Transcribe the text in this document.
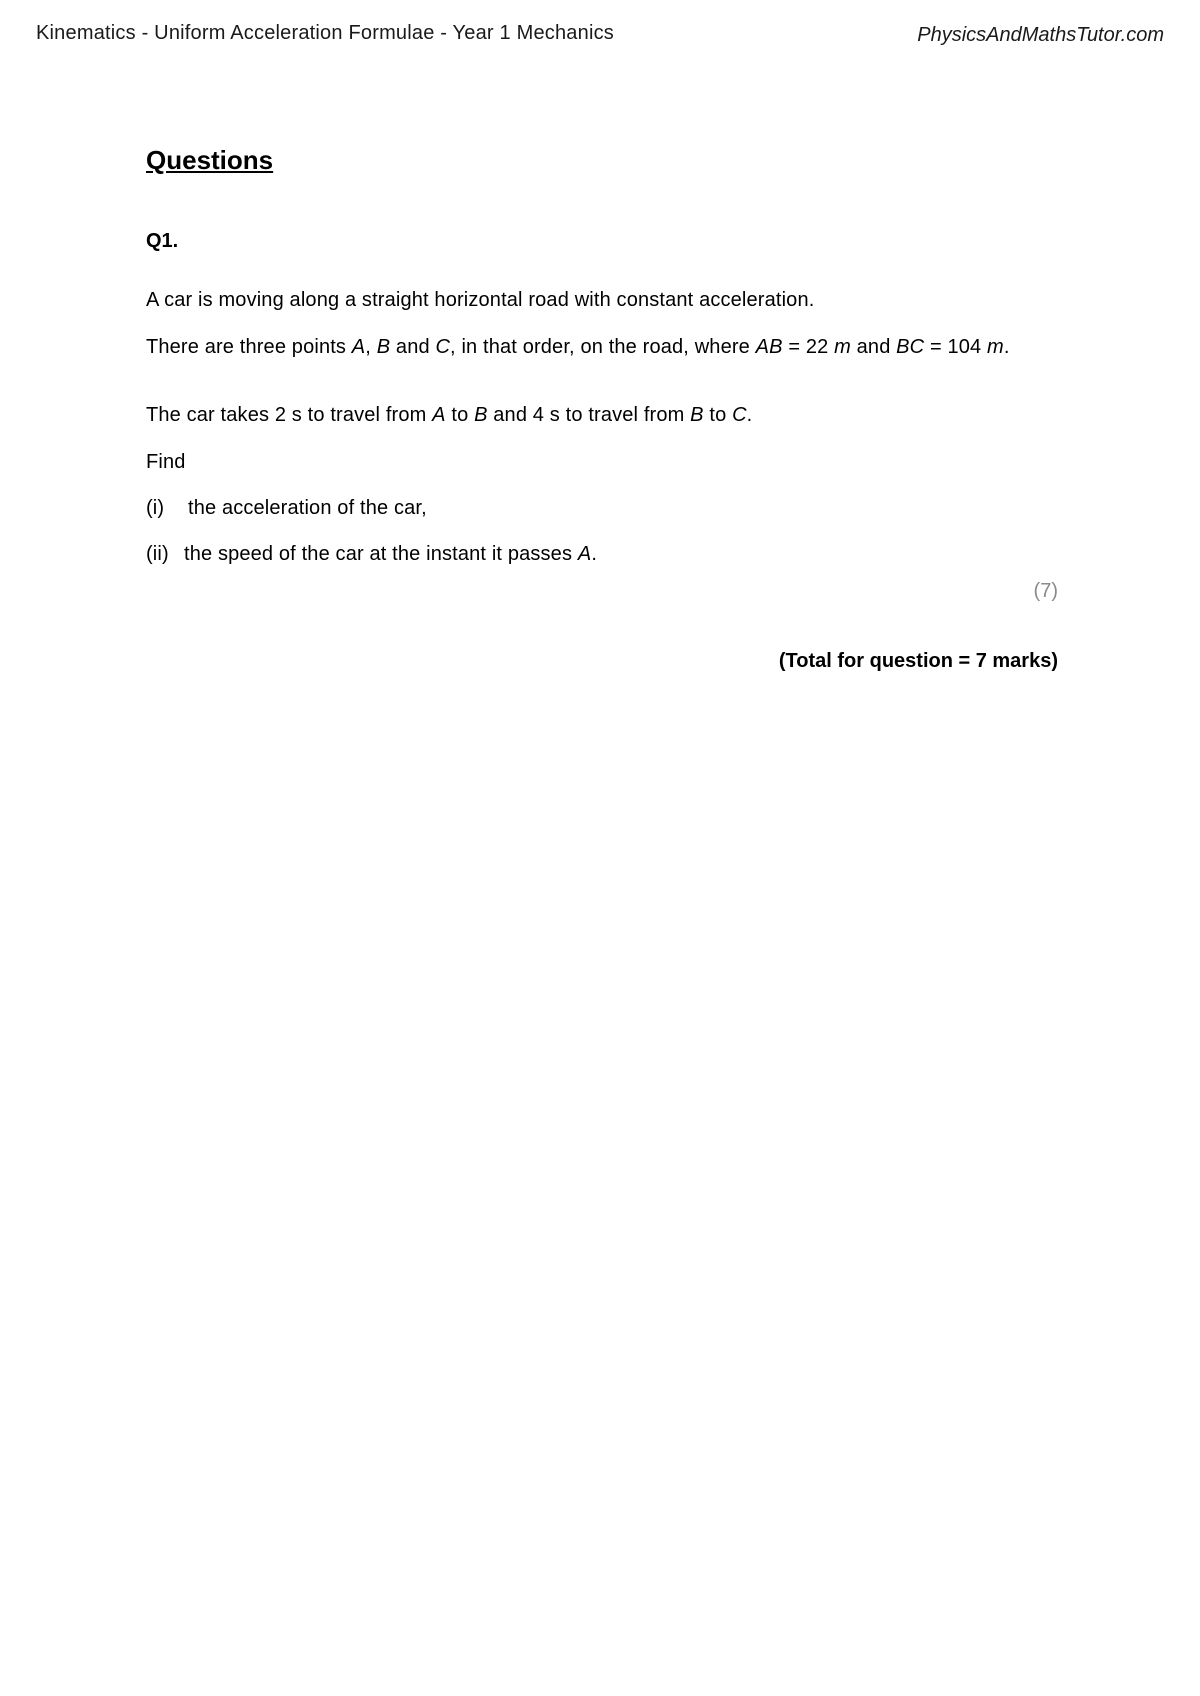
Kinematics - Uniform Acceleration Formulae - Year 1 Mechanics	PhysicsAndMathsTutor.com
Questions
Q1.

A car is moving along a straight horizontal road with constant acceleration.

There are three points A, B and C, in that order, on the road, where AB = 22 m and BC = 104 m.

The car takes 2 s to travel from A to B and 4 s to travel from B to C.

Find

(i) the acceleration of the car,

(ii) the speed of the car at the instant it passes A.

(7)
(Total for question = 7 marks)
